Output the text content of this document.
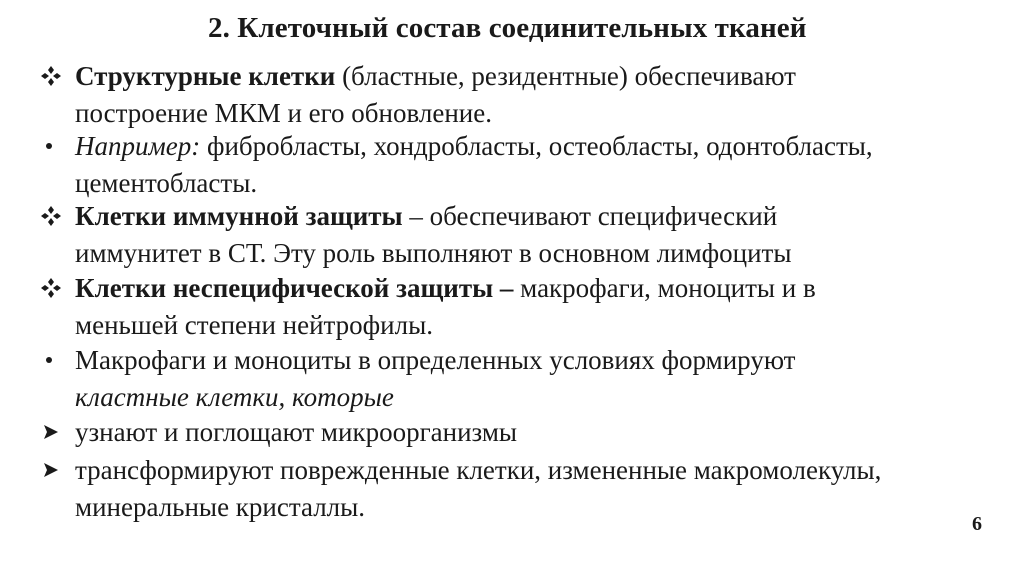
2. Клеточный состав соединительных тканей
Структурные клетки (бластные, резидентные) обеспечивают
построение МКМ и его обновление.
Например: фибробласты, хондробласты, остеобласты, одонтобласты,
цементобласты.
Клетки иммунной защиты – обеспечивают специфический
иммунитет в СТ. Эту роль выполняют в основном лимфоциты
Клетки неспецифической защиты – макрофаги, моноциты и в
меньшей степени нейтрофилы.
Макрофаги и моноциты в определенных условиях формируют
кластные клетки, которые
узнают и поглощают микроорганизмы
трансформируют поврежденные клетки, измененные макромолекулы,
минеральные кристаллы.
6
